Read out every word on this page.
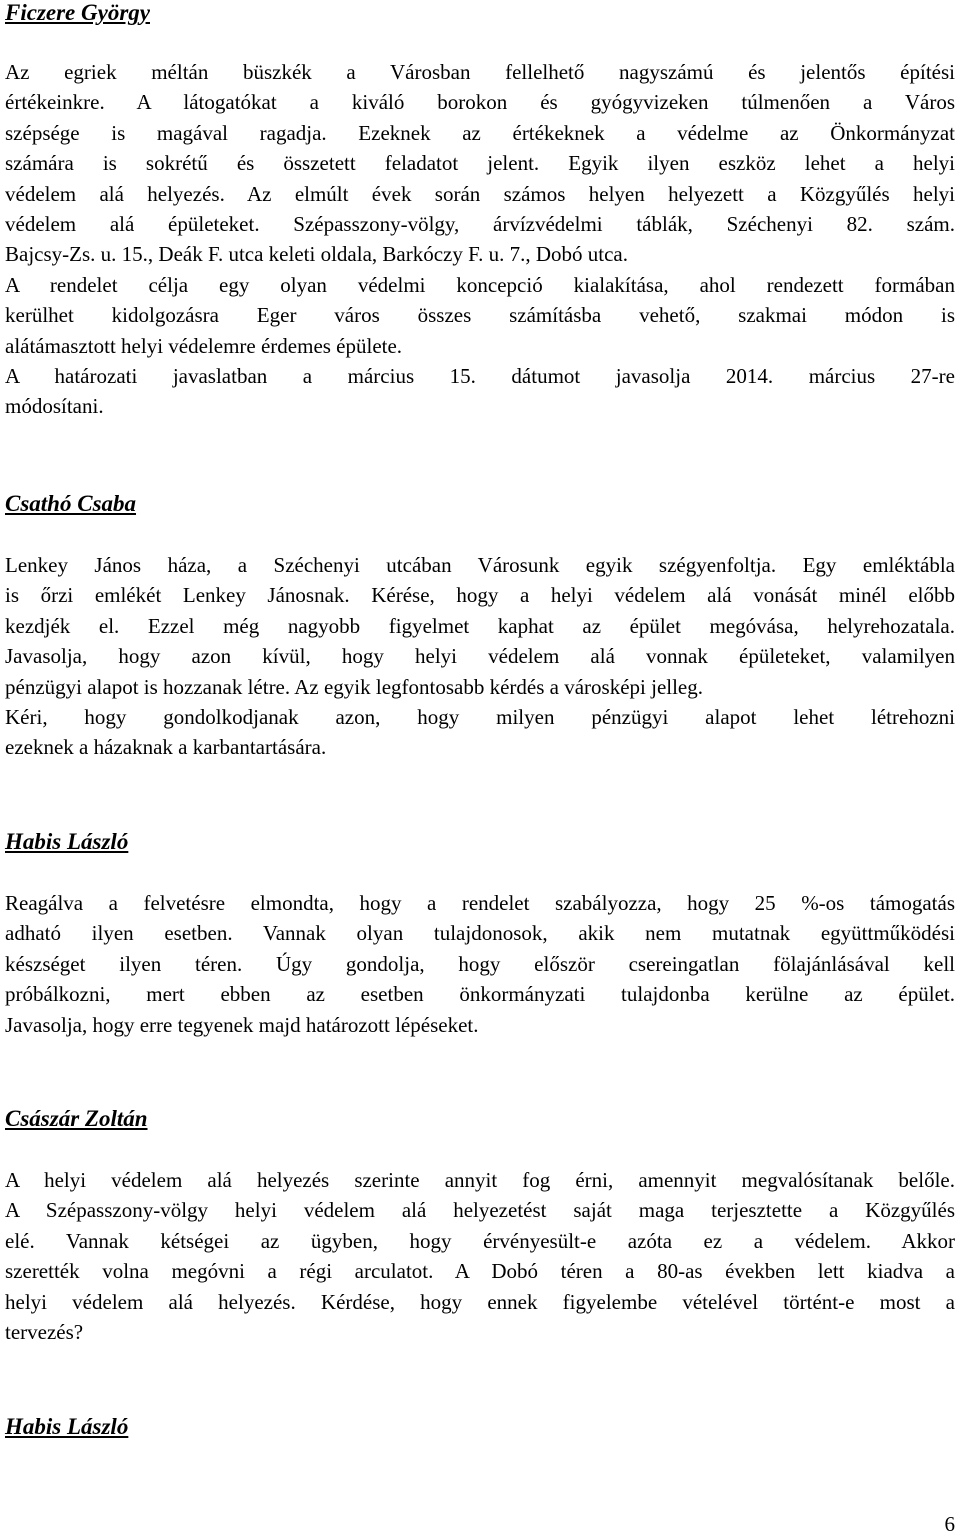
Ficzere György
Az egriek méltán büszkék a Városban fellelhető nagyszámú és jelentős építési
értékeinkre. A látogatókat a kiváló borokon és gyógyvizeken túlmenően a Város
szépsége is magával ragadja. Ezeknek az értékeknek a védelme az Önkormányzat
számára is sokrétű és összetett feladatot jelent. Egyik ilyen eszköz lehet a helyi
védelem alá helyezés. Az elmúlt évek során számos helyen helyezett a Közgyűlés helyi
védelem alá épületeket. Szépasszony-völgy, árvízvédelmi táblák, Széchenyi 82. szám.
Bajcsy-Zs. u. 15., Deák F. utca keleti oldala, Barkóczy F. u. 7., Dobó utca.
A rendelet célja egy olyan védelmi koncepció kialakítása, ahol rendezett formában
kerülhet kidolgozásra Eger város összes számításba vehető, szakmai módon is
alátámasztott helyi védelemre érdemes épülete.
A határozati javaslatban a március 15. dátumot javasolja 2014. március 27-re
módosítani.
Csathó Csaba
Lenkey János háza, a Széchenyi utcában Városunk egyik szégyenfoltja. Egy emléktábla
is őrzi emlékét Lenkey Jánosnak. Kérése, hogy a helyi védelem alá vonását minél előbb
kezdjék el. Ezzel még nagyobb figyelmet kaphat az épület megóvása, helyrehozatala.
Javasolja, hogy azon kívül, hogy helyi védelem alá vonnak épületeket, valamilyen
pénzügyi alapot is hozzanak létre. Az egyik legfontosabb kérdés a városképi jelleg.
Kéri, hogy gondolkodjanak azon, hogy milyen pénzügyi alapot lehet létrehozni
ezeknek a házaknak a karbantartására.
Habis László
Reagálva a felvetésre elmondta, hogy a rendelet szabályozza, hogy 25 %-os támogatás
adható ilyen esetben. Vannak olyan tulajdonosok, akik nem mutatnak együttműködési
készséget ilyen téren. Úgy gondolja, hogy először csereingatlan fölajánlásával kell
próbálkozni, mert ebben az esetben önkormányzati tulajdonba kerülne az épület.
Javasolja, hogy erre tegyenek majd határozott lépéseket.
Császár Zoltán
A helyi védelem alá helyezés szerinte annyit fog érni, amennyit megvalósítanak belőle.
A Szépasszony-völgy helyi védelem alá helyezetést saját maga terjesztette a Közgyűlés
elé. Vannak kétségei az ügyben, hogy érvényesült-e azóta ez a védelem. Akkor
szerették volna megóvni a régi arculatot. A Dobó téren a 80-as években lett kiadva a
helyi védelem alá helyezés. Kérdése, hogy ennek figyelembe vételével történt-e most a
tervezés?
Habis László
6
